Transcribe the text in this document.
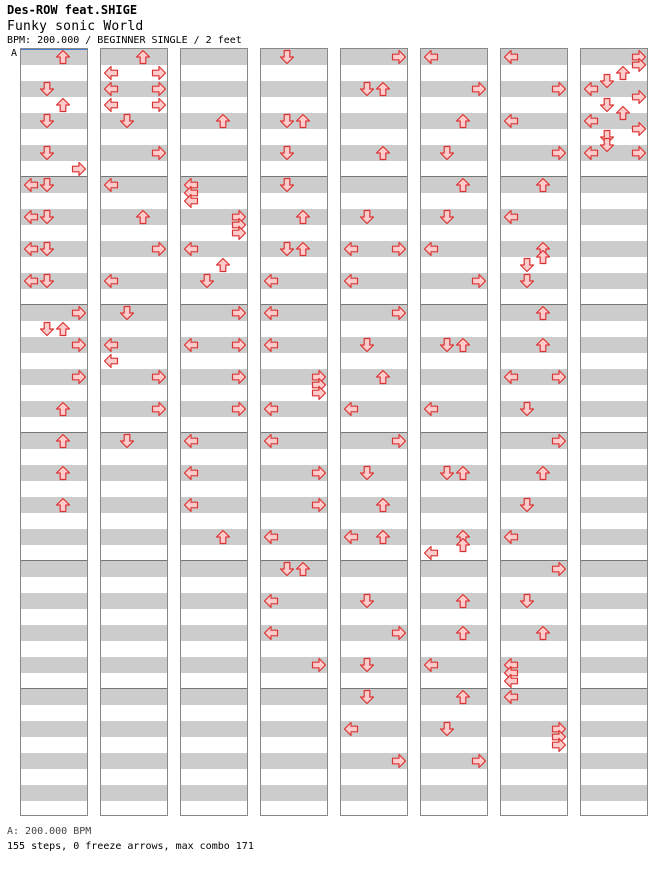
Des-ROW feat.SHIGE
Funky sonic World
BPM: 200.000 / BEGINNER SINGLE / 2 feet
A
A: 200.000 BPM
155 steps, 0 freeze arrows, max combo 171
